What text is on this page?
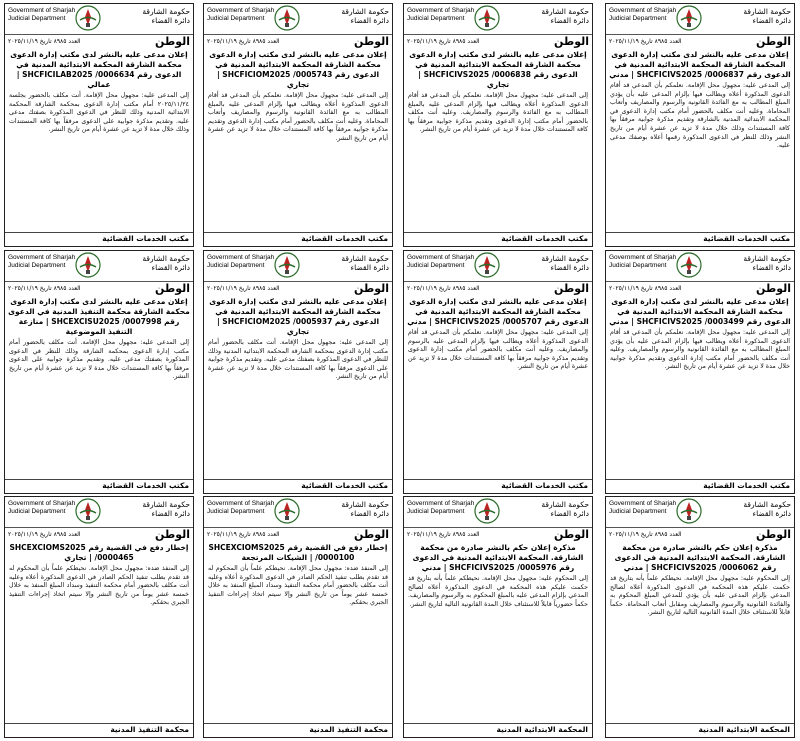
Government of Sharjah
Judicial Department
حكومة الشارقة
دائرة القضاء
العدد ٨٩٨٥ تاريخ ٢٠٢٥/١١/١٩	الوطن
إعلان مدعى عليه بالنشر لدى مكتب إدارة الدعوى المحكمة الشارقة المحكمة الابتدائية المدنية في الدعوى رقم SHCFICIVS2025 /0006837 | مدني
إلى المدعى عليه: مجهول محل الإقامة. نعلمكم بأن المدعي قد أقام الدعوى المذكورة أعلاه ويطالب فيها بإلزام المدعى عليه بأن يؤدي المبلغ المطالب به مع الفائدة القانونية والرسوم والمصاريف وأتعاب المحاماة. وعليه أنت مكلف بالحضور أمام مكتب إدارة الدعوى في المحكمة الابتدائية المدنية بالشارقة وتقديم مذكرة جوابية مرفقاً بها كافة المستندات وذلك خلال مدة لا تزيد عن عشرة أيام من تاريخ النشر وذلك للنظر في الدعوى المذكورة رقمها أعلاه بوصفك مدعى عليه.
مكتب الخدمات القضائية
Government of Sharjah
Judicial Department
حكومة الشارقة
دائرة القضاء
العدد ٨٩٨٥ تاريخ ٢٠٢٥/١١/١٩	الوطن
إعلان مدعى عليه بالنشر لدى مكتب إدارة الدعوى محكمة الشارقة المحكمة الابتدائية المدنية في الدعوى رقم SHCFICIVS2025 /0006838 | تجاري
إلى المدعى عليه: مجهول محل الإقامة. نعلمكم بأن المدعي قد أقام الدعوى المذكورة أعلاه ويطالب فيها بإلزام المدعى عليه بالمبلغ المطالب به مع الفائدة والرسوم والمصاريف. وعليه أنت مكلف بالحضور أمام مكتب إدارة الدعوى وتقديم مذكرة جوابية مرفقاً بها كافة المستندات خلال مدة لا تزيد عن عشرة أيام من تاريخ النشر.
مكتب الخدمات القضائية
Government of Sharjah
Judicial Department
حكومة الشارقة
دائرة القضاء
العدد ٨٩٨٥ تاريخ ٢٠٢٥/١١/١٩	الوطن
إعلان مدعى عليه بالنشر لدى مكتب إدارة الدعوى محكمة الشارقة المحكمة الابتدائية المدنية في الدعوى رقم SHCFICIOM2025 /0005743 | تجاري
إلى المدعى عليه: مجهول محل الإقامة. نعلمكم بأن المدعي قد أقام الدعوى المذكورة أعلاه ويطالب فيها بإلزام المدعى عليه بالمبلغ المطالب به مع الفائدة القانونية والرسوم والمصاريف وأتعاب المحاماة. وعليه أنت مكلف بالحضور أمام مكتب إدارة الدعوى وتقديم مذكرة جوابية مرفقاً بها كافة المستندات خلال مدة لا تزيد عن عشرة أيام من تاريخ النشر.
مكتب الخدمات القضائية
Government of Sharjah
Judicial Department
حكومة الشارقة
دائرة القضاء
العدد ٨٩٨٥ تاريخ ٢٠٢٥/١١/١٩	الوطن
إعلان مدعى عليه بالنشر لدى مكتب إدارة الدعوى محكمة الشارقة المحكمة الابتدائية المدنية في الدعوى رقم SHCFICILAB2025 /0006634 | عمالي
إلى المدعى عليه: مجهول محل الإقامة. أنت مكلف بالحضور بجلسة ٢٠٢٥/١١/٢٤ أمام مكتب إدارة الدعوى بمحكمة الشارقة المحكمة الابتدائية المدنية وذلك للنظر في الدعوى المذكورة بصفتك مدعى عليه. وتقديم مذكرة جوابية على الدعوى مرفقاً بها كافة المستندات وذلك خلال مدة لا تزيد عن عشرة أيام من تاريخ النشر.
مكتب الخدمات القضائية
Government of Sharjah
Judicial Department
حكومة الشارقة
دائرة القضاء
العدد ٨٩٨٥ تاريخ ٢٠٢٥/١١/١٩	الوطن
إعلان مدعى عليه بالنشر لدى مكتب إدارة الدعوى محكمة الشارقة المحكمة الابتدائية المدنية في الدعوى رقم SHCFICIVS2025 /0003499 | مدني
إلى المدعى عليه: مجهول محل الإقامة. نعلمكم بأن المدعي قد أقام الدعوى المذكورة أعلاه ويطالب فيها بإلزام المدعى عليه بأن يؤدي المبلغ المطالب به مع الفائدة القانونية والرسوم والمصاريف. وعليه أنت مكلف بالحضور أمام مكتب إدارة الدعوى وتقديم مذكرة جوابية خلال مدة لا تزيد عن عشرة أيام من تاريخ النشر.
مكتب الخدمات القضائية
Government of Sharjah
Judicial Department
حكومة الشارقة
دائرة القضاء
العدد ٨٩٨٥ تاريخ ٢٠٢٥/١١/١٩	الوطن
إعلان مدعى عليه بالنشر لدى مكتب إدارة الدعوى محكمة الشارقة المحكمة الابتدائية المدنية في الدعوى رقم SHCFICIVS2025 /0005707 | مدني
إلى المدعى عليه: مجهول محل الإقامة. نعلمكم بأن المدعي قد أقام الدعوى المذكورة أعلاه ويطالب فيها بإلزام المدعى عليه بالرسوم والمصاريف. وعليه أنت مكلف بالحضور أمام مكتب إدارة الدعوى وتقديم مذكرة جوابية مرفقاً بها كافة المستندات خلال مدة لا تزيد عن عشرة أيام من تاريخ النشر.
مكتب الخدمات القضائية
Government of Sharjah
Judicial Department
حكومة الشارقة
دائرة القضاء
العدد ٨٩٨٥ تاريخ ٢٠٢٥/١١/١٩	الوطن
إعلان مدعى عليه بالنشر لدى مكتب إدارة الدعوى محكمة الشارقة المحكمة الابتدائية المدنية في الدعوى رقم SHCFICIOM2025 /0005937 | تجاري
إلى المدعى عليه: مجهول محل الإقامة. أنت مكلف بالحضور أمام مكتب إدارة الدعوى بمحكمة الشارقة المحكمة الابتدائية المدنية وذلك للنظر في الدعوى المذكورة بصفتك مدعى عليه. وتقديم مذكرة جوابية على الدعوى مرفقاً بها كافة المستندات خلال مدة لا تزيد عن عشرة أيام من تاريخ النشر.
مكتب الخدمات القضائية
Government of Sharjah
Judicial Department
حكومة الشارقة
دائرة القضاء
العدد ٨٩٨٥ تاريخ ٢٠٢٥/١١/١٩	الوطن
إعلان مدعى عليه بالنشر لدى مكتب إدارة الدعوى محكمة الشارقة محكمة التنفيذ المدنية في الدعوى رقم SHCEXCISU2025 /0007998 | منازعة التنفيذ الموضوعية
إلى المدعى عليه: مجهول محل الإقامة. أنت مكلف بالحضور أمام مكتب إدارة الدعوى بمحكمة الشارقة وذلك للنظر في الدعوى المذكورة بصفتك مدعى عليه. وتقديم مذكرة جوابية على الدعوى مرفقاً بها كافة المستندات خلال مدة لا تزيد عن عشرة أيام من تاريخ النشر.
مكتب الخدمات القضائية
Government of Sharjah
Judicial Department
حكومة الشارقة
دائرة القضاء
العدد ٨٩٨٥ تاريخ ٢٠٢٥/١١/١٩	الوطن
مذكرة إعلان حكم بالنشر صادرة من محكمة الشارقة. المحكمة الابتدائية المدنية في الدعوى رقم SHCFICIVS2025 /0006062 | مدني
إلى المحكوم عليه: مجهول محل الإقامة. نحيطكم علماً بأنه بتاريخ قد حكمت عليكم هذه المحكمة في الدعوى المذكورة أعلاه لصالح المدعي بإلزام المدعى عليه بأن يؤدي للمدعي المبلغ المحكوم به والفائدة القانونية والرسوم والمصاريف ومقابل أتعاب المحاماة. حكماً قابلاً للاستئناف خلال المدة القانونية التالية لتاريخ النشر.
المحكمة الابتدائية المدنية
Government of Sharjah
Judicial Department
حكومة الشارقة
دائرة القضاء
العدد ٨٩٨٥ تاريخ ٢٠٢٥/١١/١٩	الوطن
مذكرة إعلان حكم بالنشر صادرة من محكمة الشارقة. المحكمة الابتدائية المدنية في الدعوى رقم SHCFICIVS2025 /0005976 | مدني
إلى المحكوم عليه: مجهول محل الإقامة. نحيطكم علماً بأنه بتاريخ قد حكمت عليكم هذه المحكمة في الدعوى المذكورة أعلاه لصالح المدعي بإلزام المدعى عليه بالمبلغ المحكوم به والرسوم والمصاريف. حكماً حضورياً قابلاً للاستئناف خلال المدة القانونية التالية لتاريخ النشر.
المحكمة الابتدائية المدنية
Government of Sharjah
Judicial Department
حكومة الشارقة
دائرة القضاء
العدد ٨٩٨٥ تاريخ ٢٠٢٥/١١/١٩	الوطن
إخطار دفع في القضية رقم SHCEXCIOMS2025 /0000100 | الشيكات المرتجعة
إلى المنفذ ضده: مجهول محل الإقامة. نحيطكم علماً بأن المحكوم له قد تقدم بطلب تنفيذ الحكم الصادر في الدعوى المذكورة أعلاه وعليه أنت مكلف بالحضور أمام محكمة التنفيذ وسداد المبلغ المنفذ به خلال خمسة عشر يوماً من تاريخ النشر وإلا سيتم اتخاذ إجراءات التنفيذ الجبري بحقكم.
محكمة التنفيذ المدنية
Government of Sharjah
Judicial Department
حكومة الشارقة
دائرة القضاء
العدد ٨٩٨٥ تاريخ ٢٠٢٥/١١/١٩	الوطن
إخطار دفع في القضية رقم SHCEXCIOMS2025 /0000465 | تجاري
إلى المنفذ ضده: مجهول محل الإقامة. نحيطكم علماً بأن المحكوم له قد تقدم بطلب تنفيذ الحكم الصادر في الدعوى المذكورة أعلاه وعليه أنت مكلف بالحضور أمام محكمة التنفيذ وسداد المبلغ المنفذ به خلال خمسة عشر يوماً من تاريخ النشر وإلا سيتم اتخاذ إجراءات التنفيذ الجبري بحقكم.
محكمة التنفيذ المدنية
